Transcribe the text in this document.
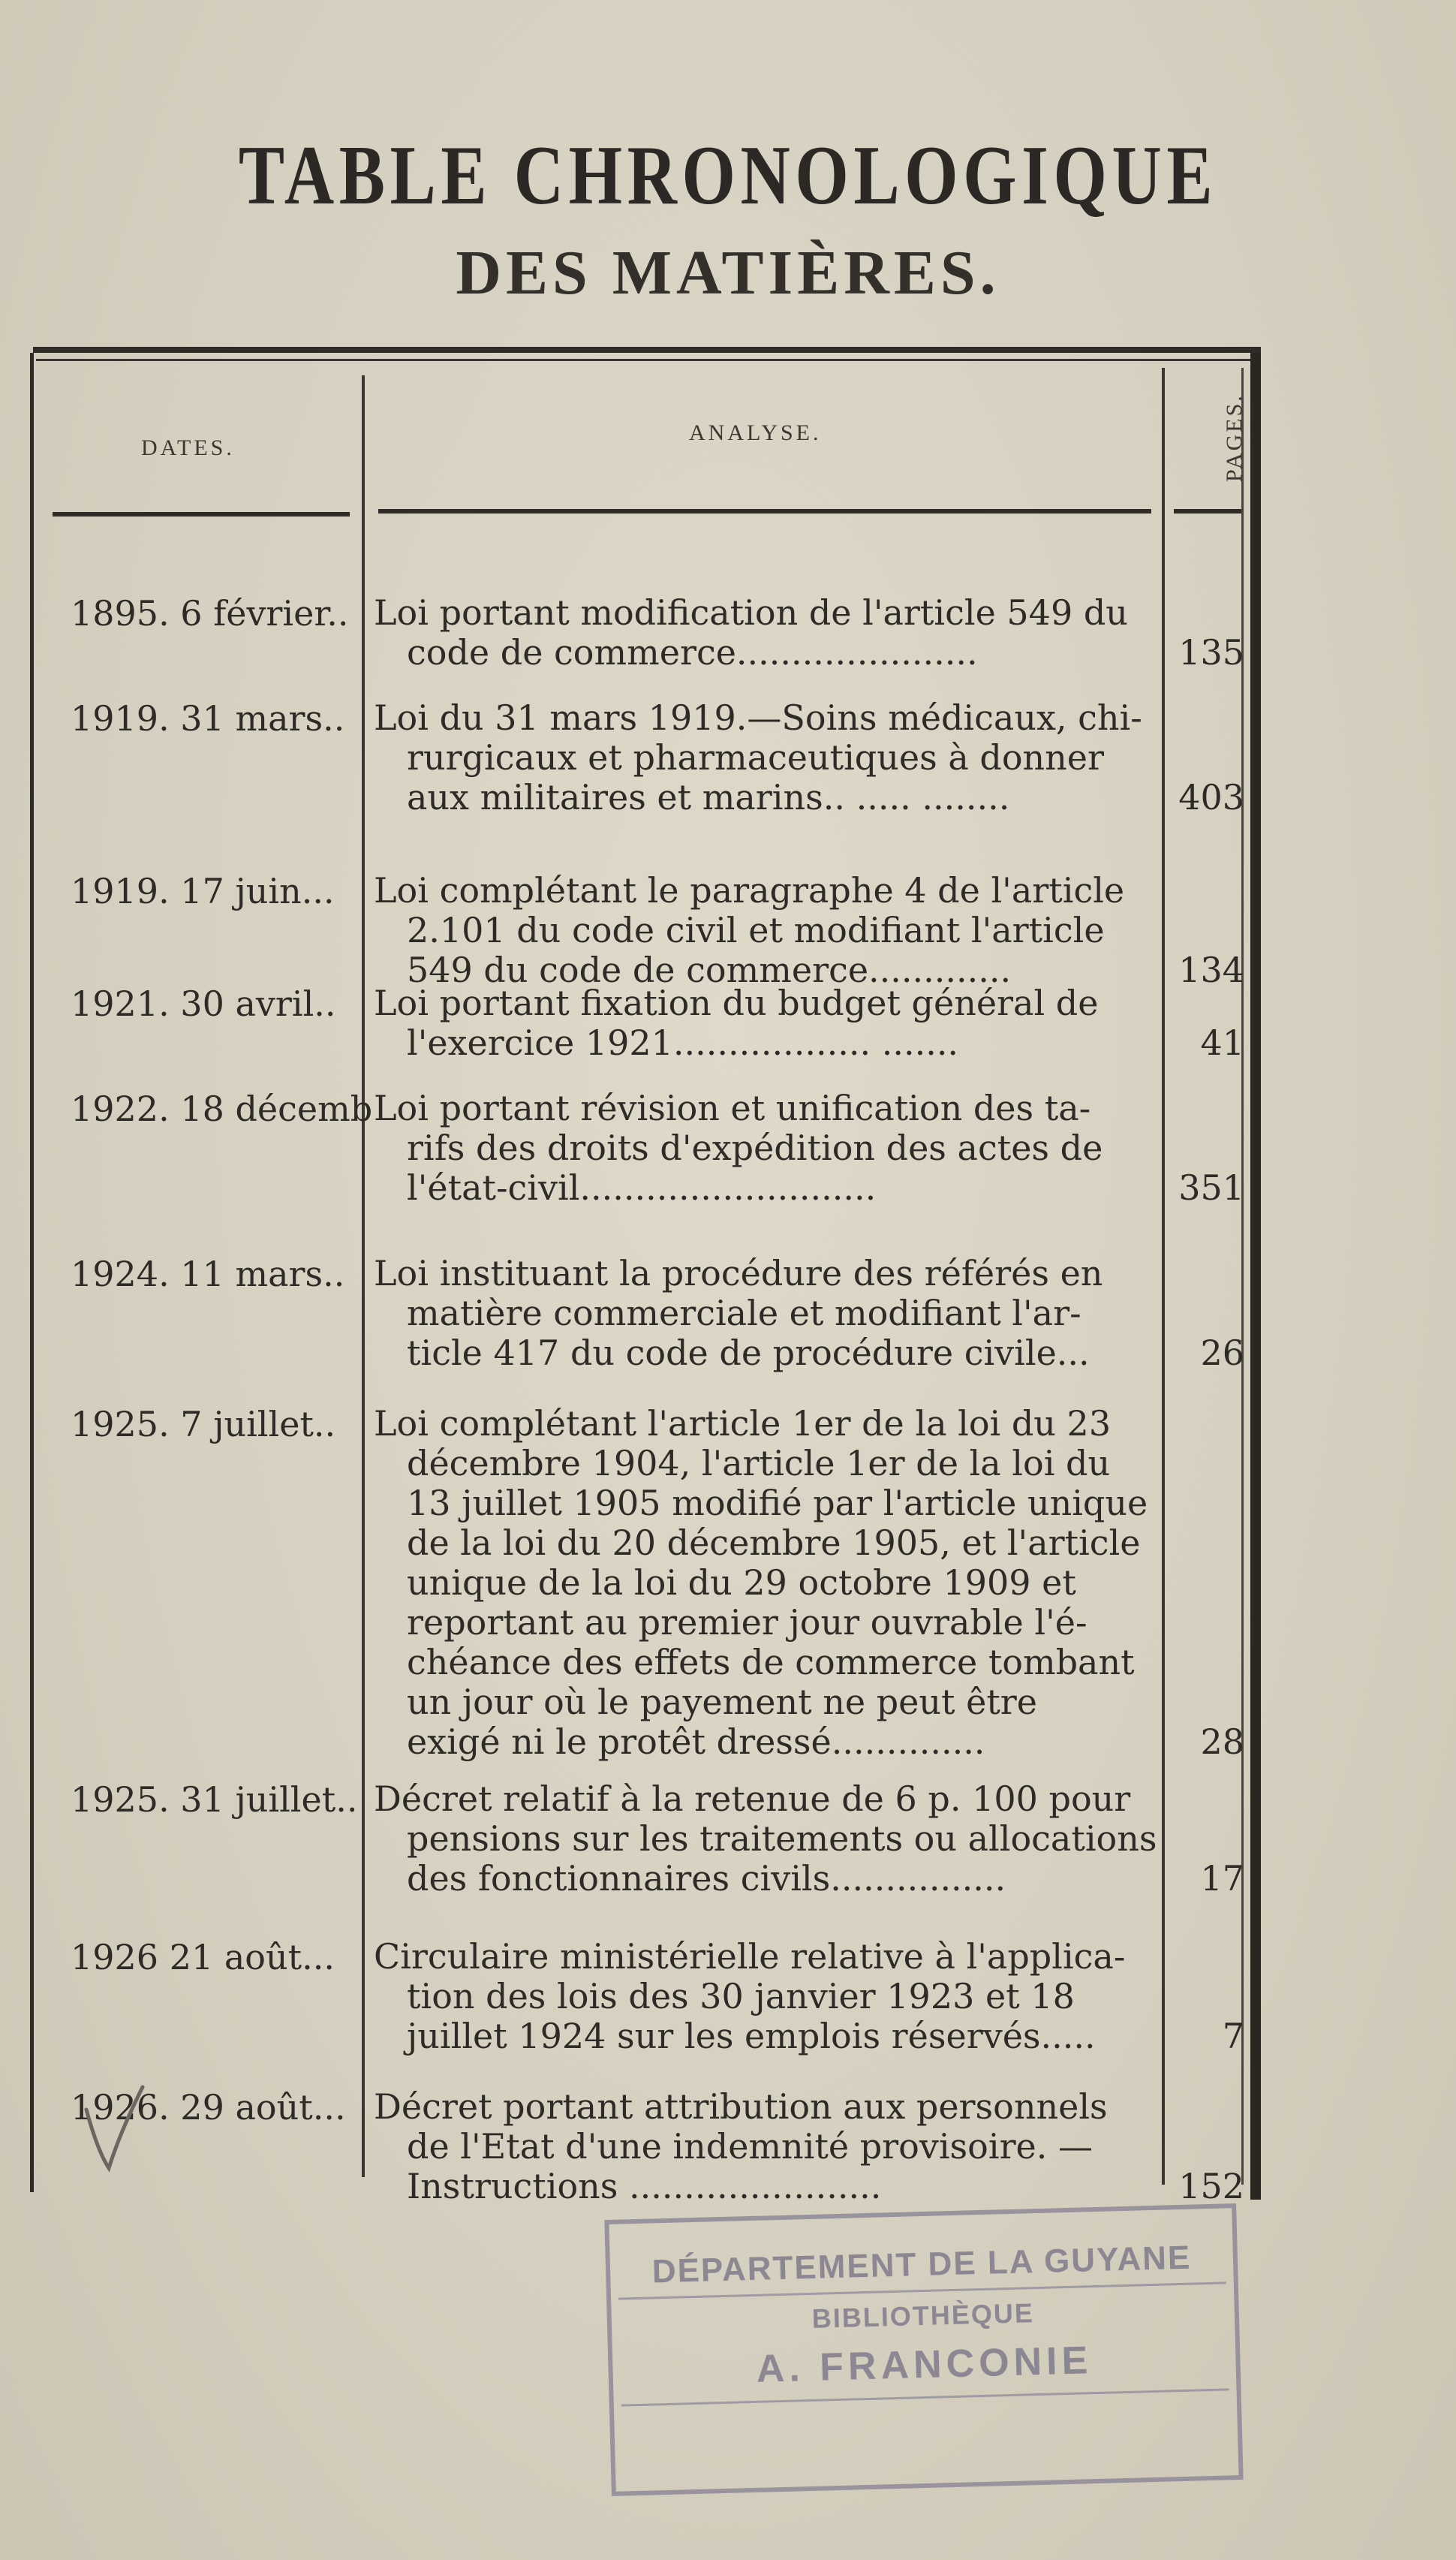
TABLE CHRONOLOGIQUE
DES MATIÈRES.
DATES.
ANALYSE.	PAGES.
1895. 6 février.. Loi portant modification de l'article 549 du
code de commerce......................	135
1919. 31 mars.. Loi du 31 mars 1919.—Soins médicaux, chi-
rurgicaux et pharmaceutiques à donner
aux militaires et marins.. ..... ........	403
1919. 17 juin...	Loi complétant le paragraphe 4 de l'article
2.101 du code civil et modifiant l'article
549 du code de commerce.............	134
1921. 30 avril..	Loi portant fixation du budget général de
l'exercice 1921.................. .......	41
1922. 18 décemb Loi portant révision et unification des ta-
rifs des droits d'expédition des actes de
l'état-civil...........................	351
1924. 11 mars.. Loi instituant la procédure des référés en
matière commerciale et modifiant l'ar-
ticle 417 du code de procédure civile...	26
1925. 7 juillet..	Loi complétant l'article 1er de la loi du 23
décembre 1904, l'article 1er de la loi du
13 juillet 1905 modifié par l'article unique
de la loi du 20 décembre 1905, et l'article
unique de la loi du 29 octobre 1909 et
reportant au premier jour ouvrable l'é-
chéance des effets de commerce tombant
un jour où le payement ne peut être
exigé ni le protêt dressé..............	28
1925. 31 juillet.. Décret relatif à la retenue de 6 p. 100 pour
pensions sur les traitements ou allocations
des fonctionnaires civils................	17
1926 21 août...	Circulaire ministérielle relative à l'applica-
tion des lois des 30 janvier 1923 et 18
juillet 1924 sur les emplois réservés.....	7
1926. 29 août... Décret portant attribution aux personnels
de l'Etat d'une indemnité provisoire. —
Instructions .......................	152
DÉPARTEMENT DE LA GUYANE
BIBLIOTHÈQUE
A. FRANCONIE
